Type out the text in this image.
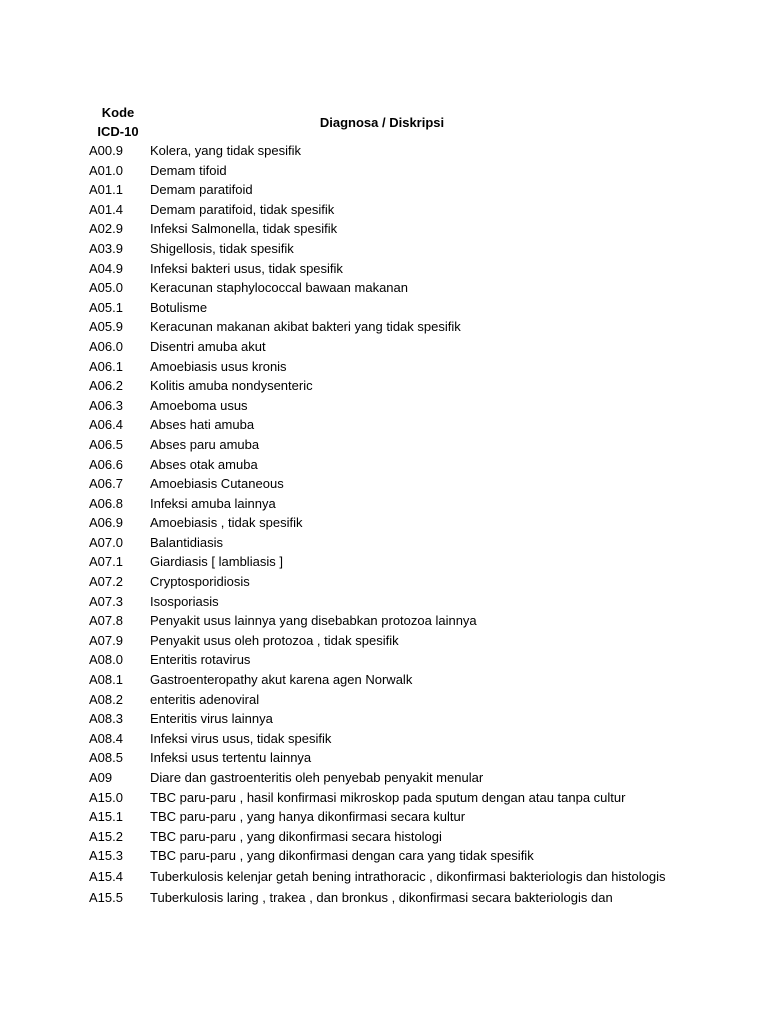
Kode
ICD-10	Diagnosa / Diskripsi
A00.9	Kolera, yang tidak spesifik
A01.0	Demam tifoid
A01.1	Demam paratifoid
A01.4	Demam paratifoid, tidak spesifik
A02.9	Infeksi Salmonella, tidak spesifik
A03.9	Shigellosis, tidak spesifik
A04.9	Infeksi bakteri usus, tidak spesifik
A05.0	Keracunan staphylococcal bawaan makanan
A05.1	Botulisme
A05.9	Keracunan makanan akibat bakteri yang tidak spesifik
A06.0	Disentri amuba akut
A06.1	Amoebiasis usus kronis
A06.2	Kolitis amuba nondysenteric
A06.3	Amoeboma usus
A06.4	Abses hati amuba
A06.5	Abses paru amuba
A06.6	Abses otak amuba
A06.7	Amoebiasis Cutaneous
A06.8	Infeksi amuba lainnya
A06.9	Amoebiasis , tidak spesifik
A07.0	Balantidiasis
A07.1	Giardiasis [ lambliasis ]
A07.2	Cryptosporidiosis
A07.3	Isosporiasis
A07.8	Penyakit usus lainnya yang disebabkan protozoa lainnya
A07.9	Penyakit usus oleh protozoa , tidak spesifik
A08.0	Enteritis rotavirus
A08.1	Gastroenteropathy akut karena agen Norwalk
A08.2	enteritis adenoviral
A08.3	Enteritis virus lainnya
A08.4	Infeksi virus usus, tidak spesifik
A08.5	Infeksi usus tertentu lainnya
A09	Diare dan gastroenteritis oleh penyebab penyakit menular
A15.0	TBC paru-paru , hasil konfirmasi mikroskop pada sputum dengan atau tanpa cultur
A15.1	TBC paru-paru , yang hanya dikonfirmasi secara kultur
A15.2	TBC paru-paru , yang dikonfirmasi secara histologi
A15.3	TBC paru-paru , yang dikonfirmasi dengan cara yang tidak spesifik
A15.4	Tuberkulosis kelenjar getah bening intrathoracic , dikonfirmasi bakteriologis dan histologis
A15.5	Tuberkulosis laring , trakea , dan bronkus , dikonfirmasi secara bakteriologis dan
